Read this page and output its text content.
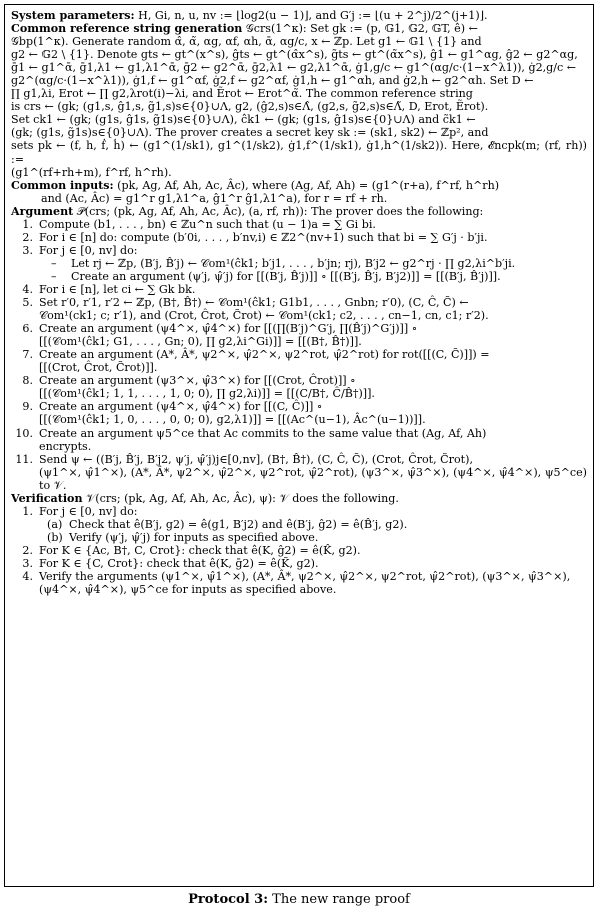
System parameters: H, Gi, n, u, nv := ⌊log2(u − 1)⌋, and G′j := ⌊(u + 2^j)/2^(j+1)⌋.

Common reference string generation 𝒢crs(1^κ): Set gk := (p, 𝔾1, 𝔾2, 𝔾T, ê) ←

𝒢bp(1^κ). Generate random α̂, α̃, αg, αf, αh, ᾱ, αg/c, x ← ℤp. Let g1 ← 𝔾1 \ {1} and

g2 ← 𝔾2 \ {1}. Denote gts ← gt^(x^s), ĝts ← gt^(α̂x^s), g̃ts ← gt^(α̃x^s), ĝ1 ← g1^αg, ĝ2 ← g2^αg,

ḡ1 ← g1^ᾱ, ḡ1,λ1 ← g1,λ1^ᾱ, ḡ2 ← g2^ᾱ, ḡ2,λ1 ← g2,λ1^ᾱ, ġ1,g/c ← g1^(αg/c·(1−x^λ1)), ġ2,g/c ←

g2^(αg/c·(1−x^λ1)), ġ1,f ← g1^αf, ġ2,f ← g2^αf, ġ1,h ← g1^αh, and ġ2,h ← g2^αh. Set D ←

∏ g1,λi, Erot ← ∏ g2,λrot(i)−λi, and Ẽrot ← Erot^α̃. The common reference string

is crs ← (gk; (g1,s, ĝ1,s, g̃1,s)s∈{0}∪Λ, g2, (ĝ2,s)s∈Λ̂, (g2,s, g̃2,s)s∈Λ̃, D, Erot, Ẽrot).

Set ck1 ← (gk; (g1s, ĝ1s, g̃1s)s∈{0}∪Λ), ĉk1 ← (gk; (g1s, ĝ1s)s∈{0}∪Λ) and c̃k1 ←

(gk; (g1s, g̃1s)s∈{0}∪Λ). The prover creates a secret key sk := (sk1, sk2) ← ℤp², and

sets pk ← (f, h, ḟ, ḣ) ← (g1^(1/sk1), g1^(1/sk2), ġ1,f^(1/sk1), ġ1,h^(1/sk2)). Here, 𝓔ncpk(m; (rf, rh)) :=

(g1^(rf+rh+m), f^rf, h^rh).

Common inputs: (pk, Ag, Af, Ah, Ac, Âc), where (Ag, Af, Ah) = (g1^(r+a), f^rf, h^rh)

and (Ac, Âc) = g1^r g1,λ1^a, ĝ1^r ĝ1,λ1^a), for r = rf + rh.

Argument 𝒫(crs; (pk, Ag, Af, Ah, Ac, Âc), (a, rf, rh)): The prover does the following:

1. Compute (b1, . . . , bn) ∈ ℤu^n such that (u − 1)a = ∑ Gi bi.
2. For i ∈ [n] do: compute (b′0i, . . . , b′nv,i) ∈ ℤ2^(nv+1) such that bi = ∑ G′j · b′ji.
3. For j ∈ [0, nv] do:
–	Let rj ← ℤp, (B′j, B̂′j) ← 𝒞om¹(ĉk1; b′j1, . . . , b′jn; rj), B′j2 ← g2^rj · ∏ g2,λi^b′ji.
–	Create an argument (ψ′j, ψ̂′j) for [[(B′j, B̂′j)]] ∘ [[(B′j, B̂′j, B′j2)]] = [[(B′j, B̂′j)]].
4. For i ∈ [n], let ci ← ∑ Gk bk.
5. Set r′0, r′1, r′2 ← ℤp, (B†, B̂†) ← 𝒞om¹(ĉk1; G1b1, . . . , Gnbn; r′0), (C, Ĉ, C̃) ←
𝒞om¹(ck1; c; r′1), and (Crot, Ĉrot, C̃rot) ← 𝒞om¹(ck1; c2, . . . , cn−1, cn, c1; r′2).
6. Create an argument (ψ4^×, ψ̂4^×) for [[(∏(B′j)^G′j, ∏(B̂′j)^G′j)]] ∘
[[(𝒞om¹(ĉk1; G1, . . . , Gn; 0), ∏ g2,λi^Gi)]] = [[(B†, B̂†)]].
7. Create an argument (A*, Â*, ψ2^×, ψ̂2^×, ψ2^rot, ψ̂2^rot) for rot([[(C, C̃)]]) =
[[(Crot, Ĉrot, C̃rot)]].
8. Create an argument (ψ3^×, ψ̂3^×) for [[(Crot, Ĉrot)]] ∘
[[(𝒞om¹(ĉk1; 1, 1, . . . , 1, 0; 0), ∏ g2,λi)]] = [[(C/B†, Ĉ/B̂†)]].
9. Create an argument (ψ4^×, ψ̂4^×) for [[(C, Ĉ)]] ∘
[[(𝒞om¹(ĉk1; 1, 0, . . . , 0, 0; 0), g2,λ1)]] = [[(Ac^(u−1), Âc^(u−1))]].
10. Create an argument ψ5^ce that Ac commits to the same value that (Ag, Af, Ah)
encrypts.
11. Send ψ ← ((B′j, B̂′j, B′j2, ψ′j, ψ̂′j)j∈[0,nv], (B†, B̂†), (C, Ĉ, C̃), (Crot, Ĉrot, C̃rot),
(ψ1^×, ψ̂1^×), (A*, Â*, ψ2^×, ψ̂2^×, ψ2^rot, ψ̂2^rot), (ψ3^×, ψ̂3^×), (ψ4^×, ψ̂4^×), ψ5^ce) to 𝒱.

Verification 𝒱(crs; (pk, Ag, Af, Ah, Ac, Âc), ψ): 𝒱 does the following.

1. For j ∈ [0, nv] do:
(a) Check that ê(B′j, g2) = ê(g1, B′j2) and ê(B′j, ĝ2) = ê(B̂′j, g2).
(b) Verify (ψ′j, ψ̂′j) for inputs as specified above.
2. For K ∈ {Ac, B†, C, Crot}: check that ê(K, ĝ2) = ê(K̂, g2).
3. For K ∈ {C, Crot}: check that ê(K, ḡ2) = ê(K̃, g2).
4. Verify the arguments (ψ1^×, ψ̂1^×), (A*, Â*, ψ2^×, ψ̂2^×, ψ2^rot, ψ̂2^rot), (ψ3^×, ψ̂3^×),
(ψ4^×, ψ̂4^×), ψ5^ce for inputs as specified above.
Protocol 3: The new range proof
